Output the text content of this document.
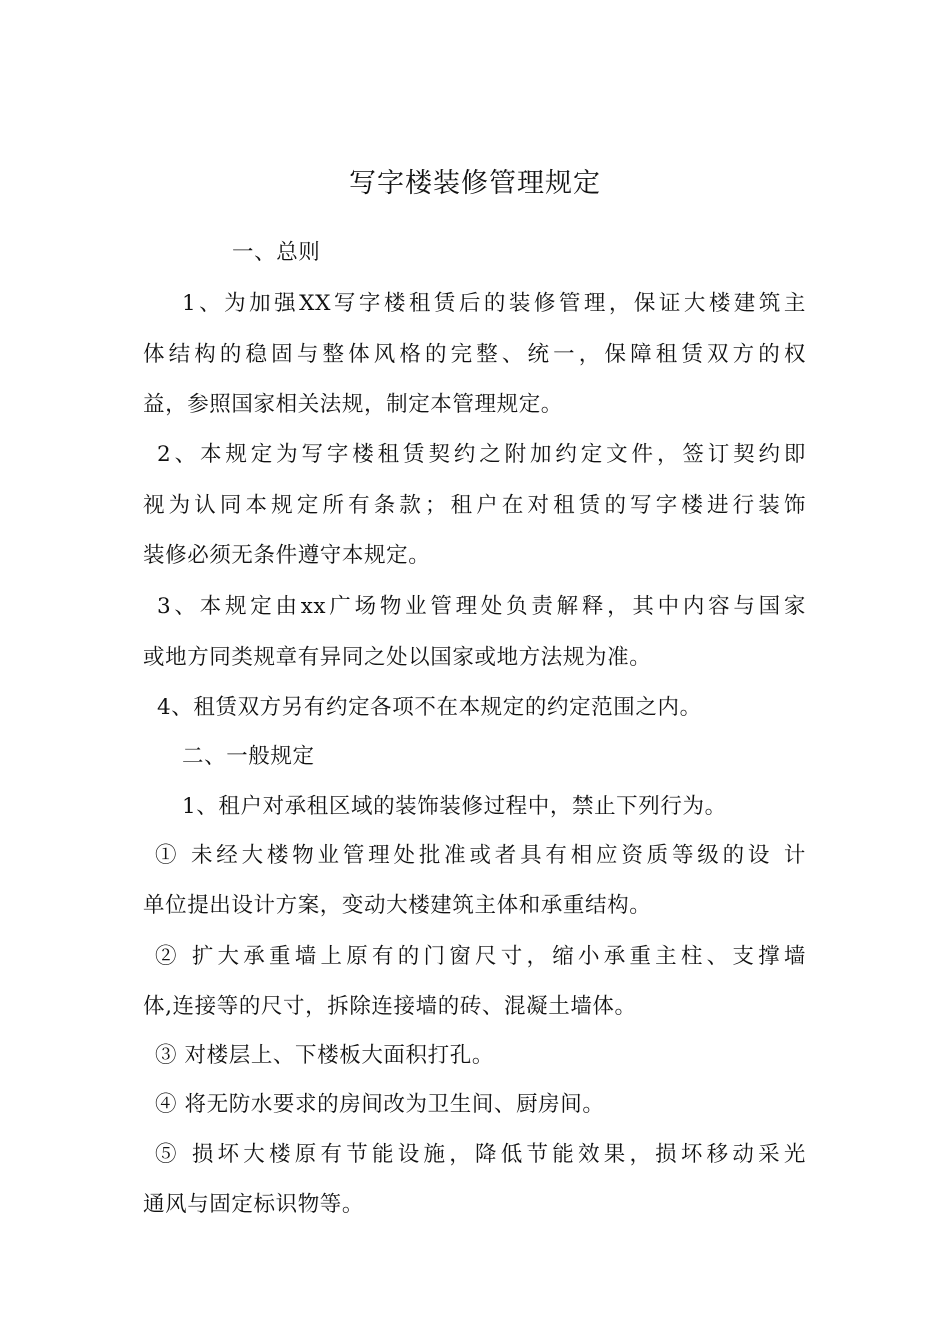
写字楼装修管理规定
一、总则
1、为加强XX写字楼租赁后的装修管理，保证大楼建筑主
体结构的稳固与整体风格的完整、统一，保障租赁双方的权
益，参照国家相关法规，制定本管理规定。
2、本规定为写字楼租赁契约之附加约定文件，签订契约即
视为认同本规定所有条款；租户在对租赁的写字楼进行装饰
装修必须无条件遵守本规定。
3、本规定由xx广场物业管理处负责解释，其中内容与国家
或地方同类规章有异同之处以国家或地方法规为准。
4、租赁双方另有约定各项不在本规定的约定范围之内。
二、一般规定
1、租户对承租区域的装饰装修过程中，禁止下列行为。
① 未经大楼物业管理处批准或者具有相应资质等级的设 计
单位提出设计方案，变动大楼建筑主体和承重结构。
② 扩大承重墙上原有的门窗尺寸，缩小承重主柱、支撑墙
体,连接等的尺寸，拆除连接墙的砖、混凝土墙体。
③ 对楼层上、下楼板大面积打孔。
④ 将无防水要求的房间改为卫生间、厨房间。
⑤ 损坏大楼原有节能设施，降低节能效果，损坏移动采光
通风与固定标识物等。
